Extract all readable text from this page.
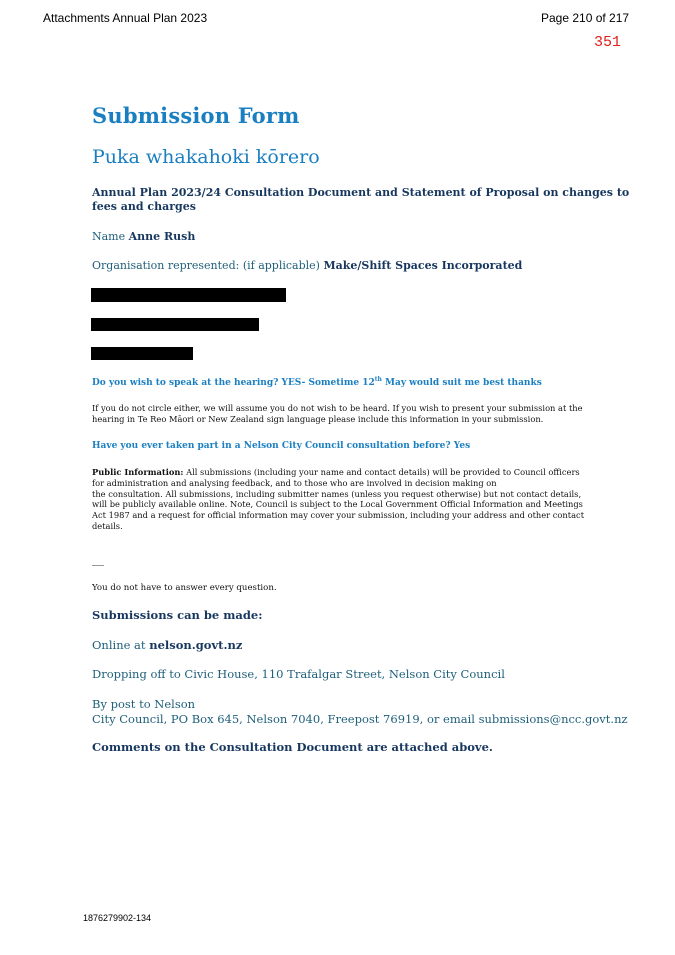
Attachments Annual Plan 2023	Page 210 of 217
351
Submission Form
Puka whakahoki kōrero
Annual Plan 2023/24 Consultation Document and Statement of Proposal on changes to
fees and charges
Name Anne Rush
Organisation represented: (if applicable) Make/Shift Spaces Incorporated
Do you wish to speak at the hearing? YES- Sometime 12th May would suit me best thanks
If you do not circle either, we will assume you do not wish to be heard. If you wish to present your submission at the
hearing in Te Reo Māori or New Zealand sign language please include this information in your submission.
Have you ever taken part in a Nelson City Council consultation before? Yes
Public Information: All submissions (including your name and contact details) will be provided to Council officers
for administration and analysing feedback, and to those who are involved in decision making on
the consultation. All submissions, including submitter names (unless you request otherwise) but not contact details,
will be publicly available online. Note, Council is subject to the Local Government Official Information and Meetings
Act 1987 and a request for official information may cover your submission, including your address and other contact
details.
You do not have to answer every question.
Submissions can be made:
Online at nelson.govt.nz
Dropping off to Civic House, 110 Trafalgar Street, Nelson City Council
By post to Nelson
City Council, PO Box 645, Nelson 7040, Freepost 76919, or email submissions@ncc.govt.nz
Comments on the Consultation Document are attached above.
1876279902-134
